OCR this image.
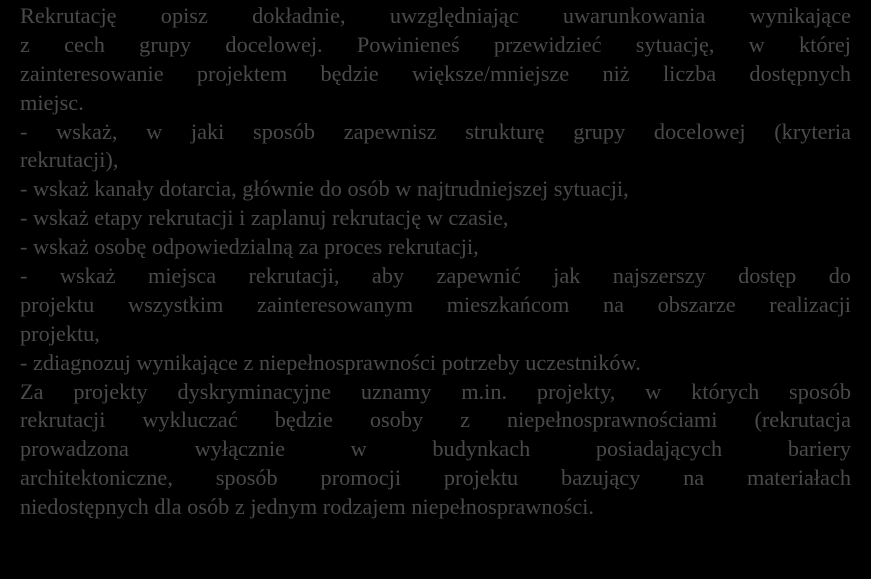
Rekrutację opisz dokładnie, uwzględniając uwarunkowania wynikające
z cech grupy docelowej. Powinieneś przewidzieć sytuację, w której
zainteresowanie projektem będzie większe/mniejsze niż liczba dostępnych
miejsc.
- wskaż, w jaki sposób zapewnisz strukturę grupy docelowej (kryteria
rekrutacji),
- wskaż kanały dotarcia, głównie do osób w najtrudniejszej sytuacji,
- wskaż etapy rekrutacji i zaplanuj rekrutację w czasie,
- wskaż osobę odpowiedzialną za proces rekrutacji,
- wskaż miejsca rekrutacji, aby zapewnić jak najszerszy dostęp do
projektu wszystkim zainteresowanym mieszkańcom na obszarze realizacji
projektu,
- zdiagnozuj wynikające z niepełnosprawności potrzeby uczestników.
Za projekty dyskryminacyjne uznamy m.in. projekty, w których sposób
rekrutacji wykluczać będzie osoby z niepełnosprawnościami (rekrutacja
prowadzona wyłącznie w budynkach posiadających bariery
architektoniczne, sposób promocji projektu bazujący na materiałach
niedostępnych dla osób z jednym rodzajem niepełnosprawności.
